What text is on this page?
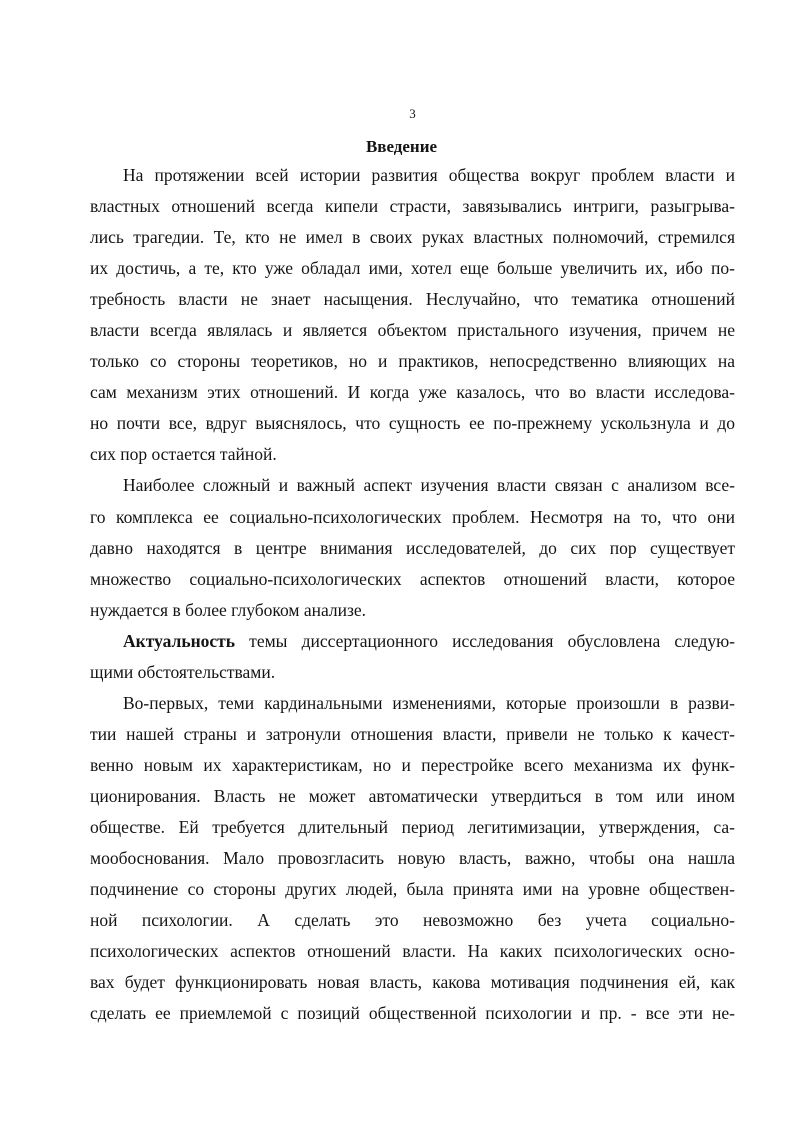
3
Введение
На протяжении всей истории развития общества вокруг проблем власти и
властных отношений всегда кипели страсти, завязывались интриги, разыгрыва-
лись трагедии. Те, кто не имел в своих руках властных полномочий, стремился
их достичь, а те, кто уже обладал ими, хотел еще больше увеличить их, ибо по-
требность власти не знает насыщения. Неслучайно, что тематика отношений
власти всегда являлась и является объектом пристального изучения, причем не
только со стороны теоретиков, но и практиков, непосредственно влияющих на
сам механизм этих отношений. И когда уже казалось, что во власти исследова-
но почти все, вдруг выяснялось, что сущность ее по-прежнему ускользнула и до
сих пор остается тайной.
Наиболее сложный и важный аспект изучения власти связан с анализом все-
го комплекса ее социально-психологических проблем. Несмотря на то, что они
давно находятся в центре внимания исследователей, до сих пор существует
множество социально-психологических аспектов отношений власти, которое
нуждается в более глубоком анализе.
Актуальность темы диссертационного исследования обусловлена следую-
щими обстоятельствами.
Во-первых, теми кардинальными изменениями, которые произошли в разви-
тии нашей страны и затронули отношения власти, привели не только к качест-
венно новым их характеристикам, но и перестройке всего механизма их функ-
ционирования. Власть не может автоматически утвердиться в том или ином
обществе. Ей требуется длительный период легитимизации, утверждения, са-
мообоснования. Мало провозгласить новую власть, важно, чтобы она нашла
подчинение со стороны других людей, была принята ими на уровне обществен-
ной психологии. А сделать это невозможно без учета социально-
психологических аспектов отношений власти. На каких психологических осно-
вах будет функционировать новая власть, какова мотивация подчинения ей, как
сделать ее приемлемой с позиций общественной психологии и пр. - все эти не-
